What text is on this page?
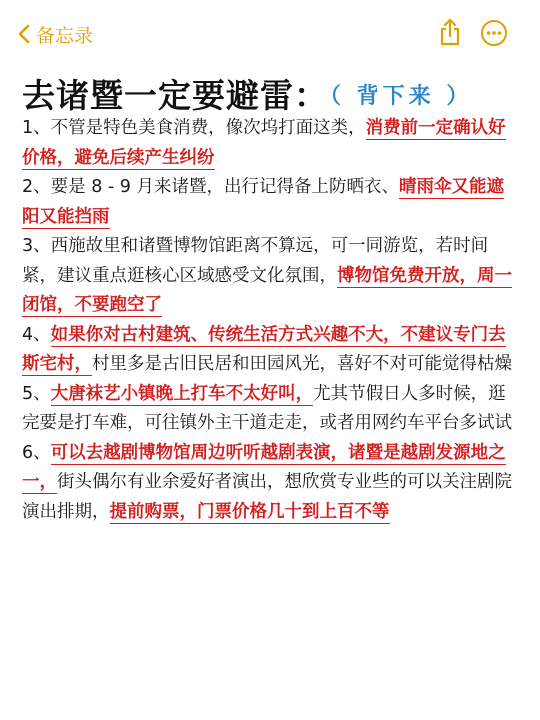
备忘录
去诸暨一定要避雷：（ 背下来 ）

1、不管是特色美食消费，像次坞打面这类，消费前一定确认好价格，避免后续产生纠纷

2、要是 8 - 9 月来诸暨，出行记得备上防晒衣、晴雨伞又能遮阳又能挡雨

3、西施故里和诸暨博物馆距离不算远，可一同游览，若时间紧，建议重点逛核心区域感受文化氛围，博物馆免费开放，周一闭馆，不要跑空了

4、如果你对古村建筑、传统生活方式兴趣不大，不建议专门去斯宅村，村里多是古旧民居和田园风光，喜好不对可能觉得枯燥

5、大唐袜艺小镇晚上打车不太好叫，尤其节假日人多时候，逛完要是打车难，可往镇外主干道走走，或者用网约车平台多试试

6、可以去越剧博物馆周边听听越剧表演，诸暨是越剧发源地之一，街头偶尔有业余爱好者演出，想欣赏专业些的可以关注剧院演出排期，提前购票，门票价格几十到上百不等
